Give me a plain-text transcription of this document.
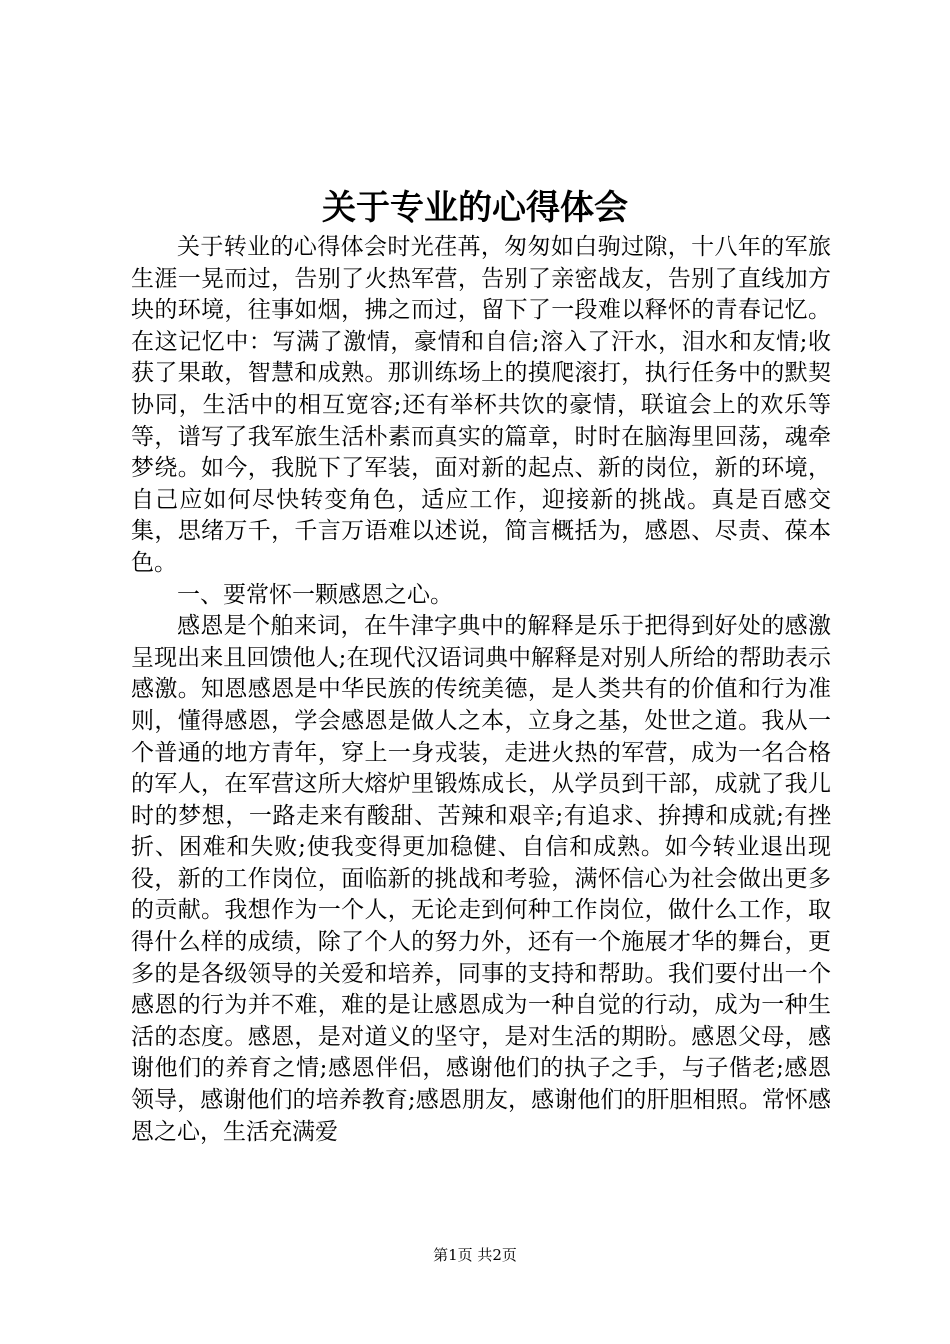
关于专业的心得体会

关于转业的心得体会时光荏苒，匆匆如白驹过隙，十八年的军旅生涯一晃而过，告别了火热军营，告别了亲密战友，告别了直线加方块的环境，往事如烟，拂之而过，留下了一段难以释怀的青春记忆。在这记忆中：写满了激情，豪情和自信;溶入了汗水，泪水和友情;收获了果敢，智慧和成熟。那训练场上的摸爬滚打，执行任务中的默契协同，生活中的相互宽容;还有举杯共饮的豪情，联谊会上的欢乐等等，谱写了我军旅生活朴素而真实的篇章，时时在脑海里回荡，魂牵梦绕。如今，我脱下了军装，面对新的起点、新的岗位，新的环境，自己应如何尽快转变角色，适应工作，迎接新的挑战。真是百感交集，思绪万千，千言万语难以述说，简言概括为，感恩、尽责、葆本色。

一、要常怀一颗感恩之心。

感恩是个舶来词，在牛津字典中的解释是乐于把得到好处的感激呈现出来且回馈他人;在现代汉语词典中解释是对别人所给的帮助表示感激。知恩感恩是中华民族的传统美德，是人类共有的价值和行为准则，懂得感恩，学会感恩是做人之本，立身之基，处世之道。我从一个普通的地方青年，穿上一身戎装，走进火热的军营，成为一名合格的军人，在军营这所大熔炉里锻炼成长，从学员到干部，成就了我儿时的梦想，一路走来有酸甜、苦辣和艰辛;有追求、拚搏和成就;有挫折、困难和失败;使我变得更加稳健、自信和成熟。如今转业退出现役，新的工作岗位，面临新的挑战和考验，满怀信心为社会做出更多的贡献。我想作为一个人，无论走到何种工作岗位，做什么工作，取得什么样的成绩，除了个人的努力外，还有一个施展才华的舞台，更多的是各级领导的关爱和培养，同事的支持和帮助。我们要付出一个感恩的行为并不难，难的是让感恩成为一种自觉的行动，成为一种生活的态度。感恩，是对道义的坚守，是对生活的期盼。感恩父母，感谢他们的养育之情;感恩伴侣，感谢他们的执子之手，与子偕老;感恩领导，感谢他们的培养教育;感恩朋友，感谢他们的肝胆相照。常怀感恩之心，生活充满爱

第1页 共2页
